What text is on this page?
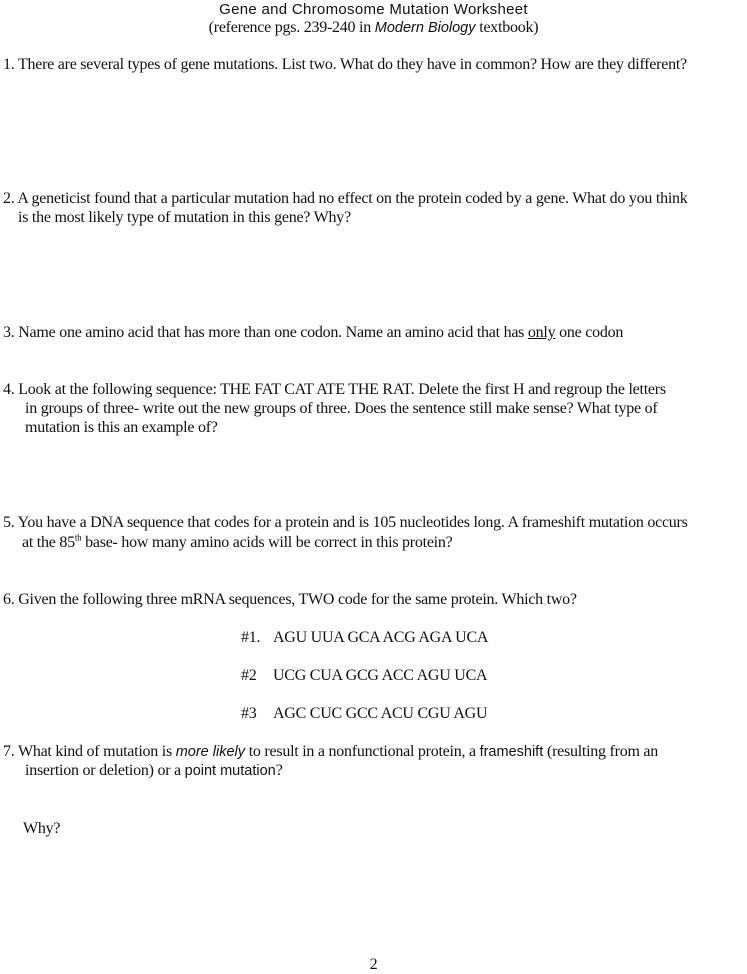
Gene and Chromosome Mutation Worksheet
(reference pgs. 239-240 in Modern Biology textbook)
1. There are several types of gene mutations. List two. What do they have in common? How are they different?
2. A geneticist found that a particular mutation had no effect on the protein coded by a gene. What do you think
is the most likely type of mutation in this gene? Why?
3. Name one amino acid that has more than one codon. Name an amino acid that has only one codon
4. Look at the following sequence: THE FAT CAT ATE THE RAT. Delete the first H and regroup the letters
in groups of three- write out the new groups of three. Does the sentence still make sense? What type of
mutation is this an example of?
5. You have a DNA sequence that codes for a protein and is 105 nucleotides long. A frameshift mutation occurs
at the 85th base- how many amino acids will be correct in this protein?
6. Given the following three mRNA sequences, TWO code for the same protein. Which two?
#1. AGU UUA GCA ACG AGA UCA
#2 UCG CUA GCG ACC AGU UCA
#3 AGC CUC GCC ACU CGU AGU
7. What kind of mutation is more likely to result in a nonfunctional protein, a frameshift (resulting from an
insertion or deletion) or a point mutation?
Why?
2
